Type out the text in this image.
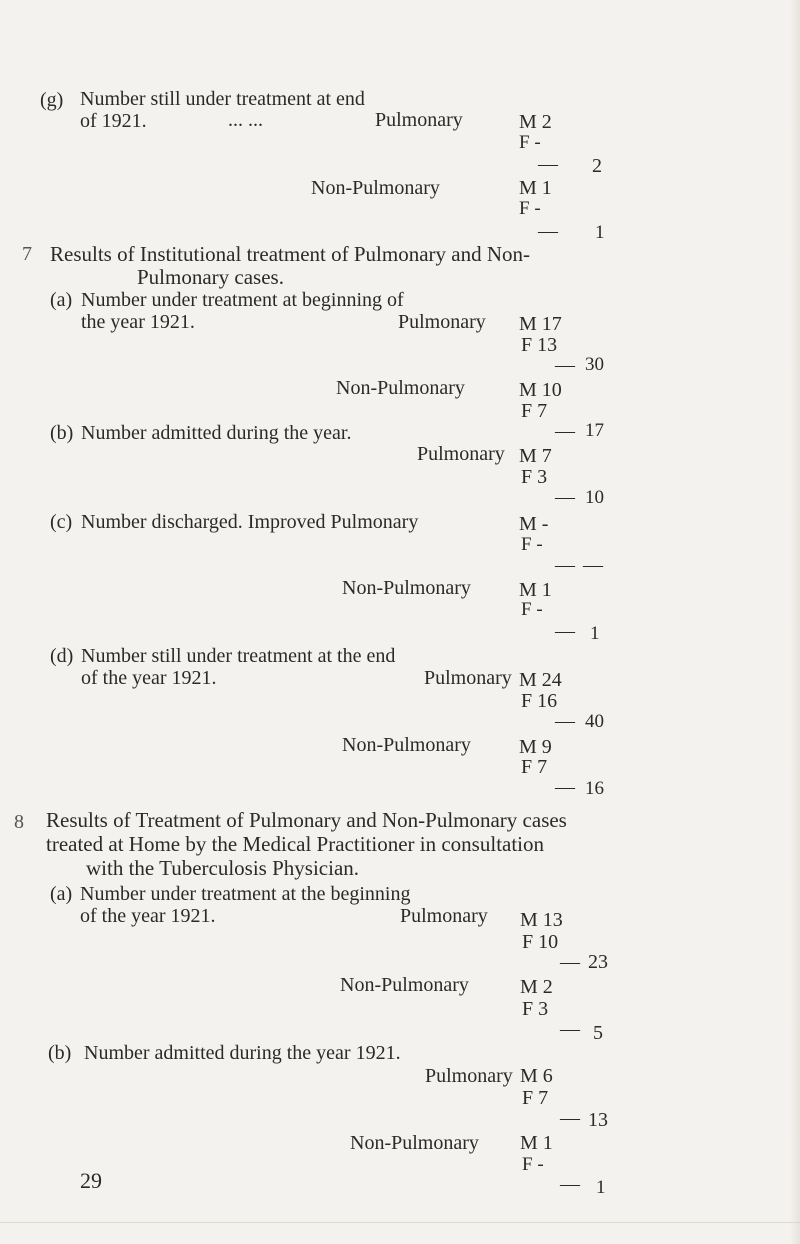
(g) Number still under treatment at end
of 1921.	... ...	Pulmonary	M 2
F -
— 2
Non-Pulmonary	M 1
F -
— 1
7 Results of Institutional treatment of Pulmonary and Non-
Pulmonary cases.
(a) Number under treatment at beginning of
the year 1921.	Pulmonary M 17
F 13
— 30
Non-Pulmonary	M 10
F 7
— 17
(b) Number admitted during the year.
Pulmonary M 7
F 3
— 10
(c) Number discharged. Improved Pulmonary	M -
F -
— —
Non-Pulmonary M 1
F -
— 1
(d) Number still under treatment at the end
of the year 1921.	Pulmonary M 24
F 16
— 40
Non-Pulmonary M 9
F 7
— 16
8 Results of Treatment of Pulmonary and Non-Pulmonary cases
treated at Home by the Medical Practitioner in consultation
with the Tuberculosis Physician.
(a) Number under treatment at the beginning
of the year 1921.	Pulmonary M 13
F 10
— 23
Non-Pulmonary	M 2
F 3
— 5
(b) Number admitted during the year 1921.
Pulmonary M 6
F 7
— 13
Non-Pulmonary M 1
F -
— 1
29
